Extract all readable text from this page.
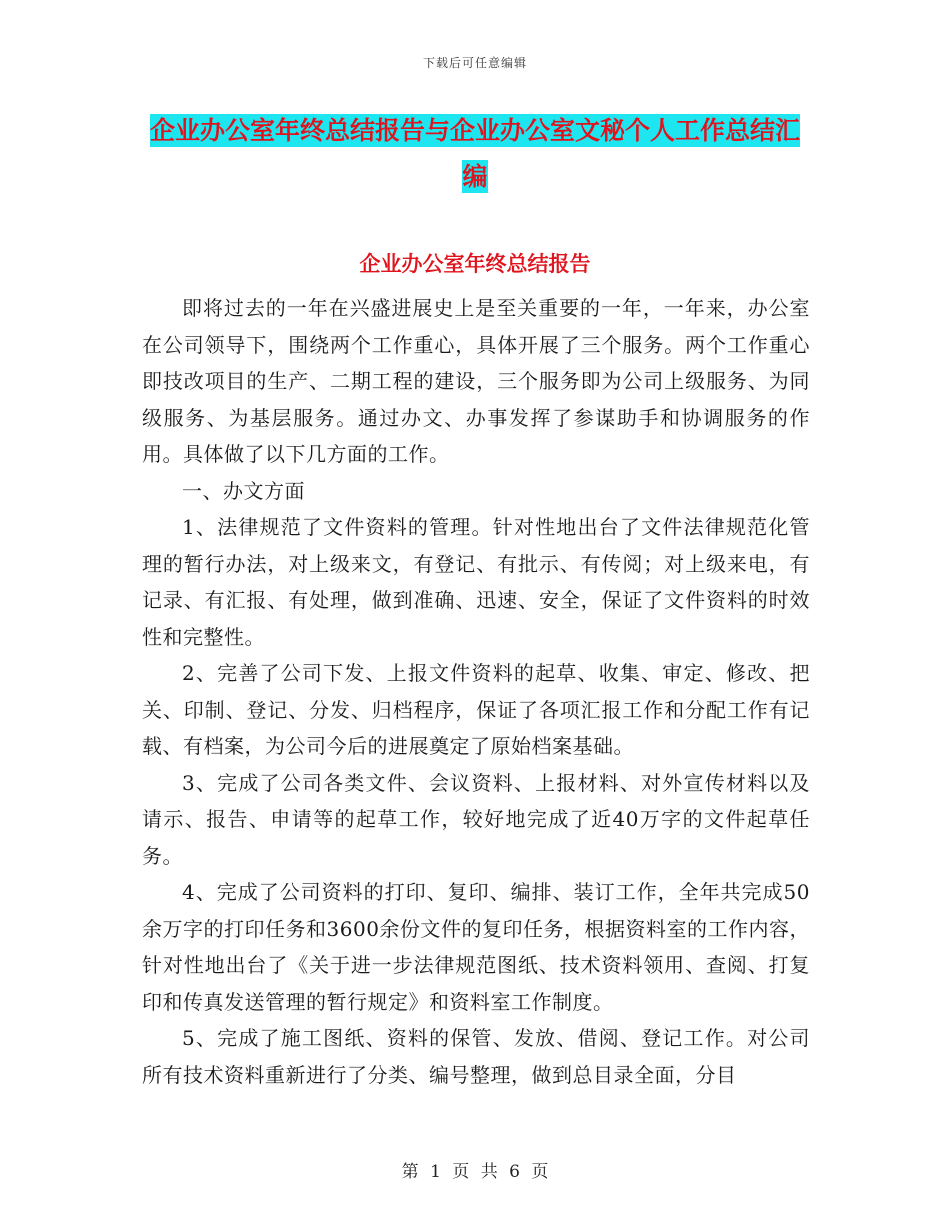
下载后可任意编辑
企业办公室年终总结报告与企业办公室文秘个人工作总结汇编
企业办公室年终总结报告

即将过去的一年在兴盛进展史上是至关重要的一年，一年来，办公室在公司领导下，围绕两个工作重心，具体开展了三个服务。两个工作重心即技改项目的生产、二期工程的建设，三个服务即为公司上级服务、为同级服务、为基层服务。通过办文、办事发挥了参谋助手和协调服务的作用。具体做了以下几方面的工作。

一、办文方面

1、法律规范了文件资料的管理。针对性地出台了文件法律规范化管理的暂行办法，对上级来文，有登记、有批示、有传阅；对上级来电，有记录、有汇报、有处理，做到准确、迅速、安全，保证了文件资料的时效性和完整性。

2、完善了公司下发、上报文件资料的起草、收集、审定、修改、把关、印制、登记、分发、归档程序，保证了各项汇报工作和分配工作有记载、有档案，为公司今后的进展奠定了原始档案基础。

3、完成了公司各类文件、会议资料、上报材料、对外宣传材料以及请示、报告、申请等的起草工作，较好地完成了近40万字的文件起草任务。

4、完成了公司资料的打印、复印、编排、装订工作，全年共完成50余万字的打印任务和3600余份文件的复印任务，根据资料室的工作内容，针对性地出台了《关于进一步法律规范图纸、技术资料领用、查阅、打复印和传真发送管理的暂行规定》和资料室工作制度。

5、完成了施工图纸、资料的保管、发放、借阅、登记工作。对公司所有技术资料重新进行了分类、编号整理，做到总目录全面，分目

第 1 页 共 6 页
